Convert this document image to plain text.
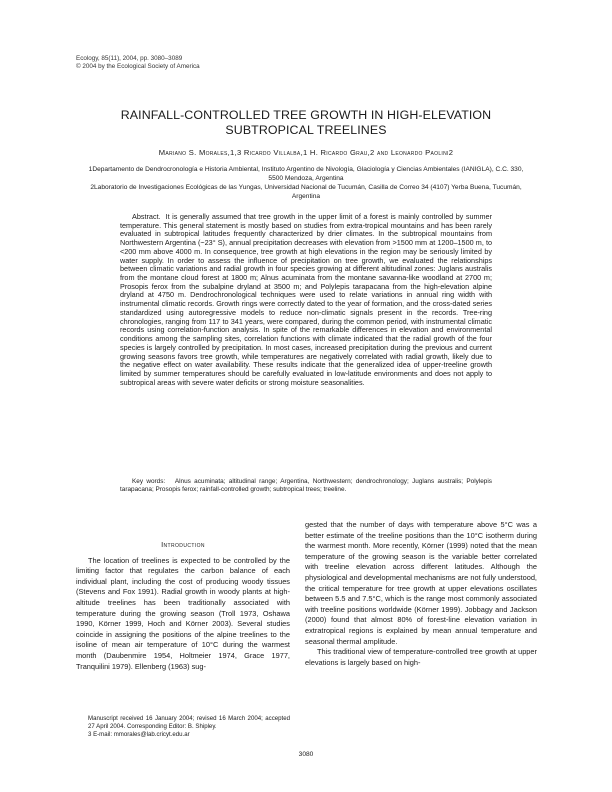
Ecology, 85(11), 2004, pp. 3080–3089
© 2004 by the Ecological Society of America
RAINFALL-CONTROLLED TREE GROWTH IN HIGH-ELEVATION
SUBTROPICAL TREELINES
Mariano S. Morales,1,3 Ricardo Villalba,1 H. Ricardo Grau,2 and Leonardo Paolini2
1Departamento de Dendrocronología e Historia Ambiental, Instituto Argentino de Nivología, Glaciología y Ciencias Ambientales (IANIGLA), C.C. 330, 5500 Mendoza, Argentina
2Laboratorio de Investigaciones Ecológicas de las Yungas, Universidad Nacional de Tucumán, Casilla de Correo 34 (4107) Yerba Buena, Tucumán, Argentina
Abstract. It is generally assumed that tree growth in the upper limit of a forest is mainly controlled by summer temperature. This general statement is mostly based on studies from extra-tropical mountains and has been rarely evaluated in subtropical latitudes frequently characterized by drier climates. In the subtropical mountains from Northwestern Argentina (~23° S), annual precipitation decreases with elevation from >1500 mm at 1200–1500 m, to <200 mm above 4000 m. In consequence, tree growth at high elevations in the region may be seriously limited by water supply. In order to assess the influence of precipitation on tree growth, we evaluated the relationships between climatic variations and radial growth in four species growing at different altitudinal zones: Juglans australis from the montane cloud forest at 1800 m; Alnus acuminata from the montane savanna-like woodland at 2700 m; Prosopis ferox from the subalpine dryland at 3500 m; and Polylepis tarapacana from the high-elevation alpine dryland at 4750 m. Dendrochronological techniques were used to relate variations in annual ring width with instrumental climatic records. Growth rings were correctly dated to the year of formation, and the cross-dated series standardized using autoregressive models to reduce non-climatic signals present in the records. Tree-ring chronologies, ranging from 117 to 341 years, were compared, during the common period, with instrumental climatic records using correlation-function analysis. In spite of the remarkable differences in elevation and environmental conditions among the sampling sites, correlation functions with climate indicated that the radial growth of the four species is largely controlled by precipitation. In most cases, increased precipitation during the previous and current growing seasons favors tree growth, while temperatures are negatively correlated with radial growth, likely due to the negative effect on water availability. These results indicate that the generalized idea of upper-treeline growth limited by summer temperatures should be carefully evaluated in low-latitude environments and does not apply to subtropical areas with severe water deficits or strong moisture seasonalities.
Key words: Alnus acuminata; altitudinal range; Argentina, Northwestern; dendrochronology; Juglans australis; Polylepis tarapacana; Prosopis ferox; rainfall-controlled growth; subtropical trees; treeline.
Introduction

The location of treelines is expected to be controlled by the limiting factor that regulates the carbon balance of each individual plant, including the cost of producing woody tissues (Stevens and Fox 1991). Radial growth in woody plants at high-altitude treelines has been traditionally associated with temperature during the growing season (Troll 1973, Oshawa 1990, Körner 1999, Hoch and Körner 2003). Several studies coincide in assigning the positions of the alpine treelines to the isoline of mean air temperature of 10°C during the warmest month (Daubenmire 1954, Holtmeier 1974, Grace 1977, Tranquilini 1979). Ellenberg (1963) sug-

gested that the number of days with temperature above 5°C was a better estimate of the treeline positions than the 10°C isotherm during the warmest month. More recently, Körner (1999) noted that the mean temperature of the growing season is the variable better correlated with treeline elevation across different latitudes. Although the physiological and developmental mechanisms are not fully understood, the critical temperature for tree growth at upper elevations oscillates between 5.5 and 7.5°C, which is the range most commonly associated with treeline positions worldwide (Körner 1999). Jobbagy and Jackson (2000) found that almost 80% of forest-line elevation variation in extratropical regions is explained by mean annual temperature and seasonal thermal amplitude.

This traditional view of temperature-controlled tree growth at upper elevations is largely based on high-

Manuscript received 16 January 2004; revised 16 March 2004; accepted 27 April 2004. Corresponding Editor: B. Shipley.
3 E-mail: mmorales@lab.cricyt.edu.ar
3080
